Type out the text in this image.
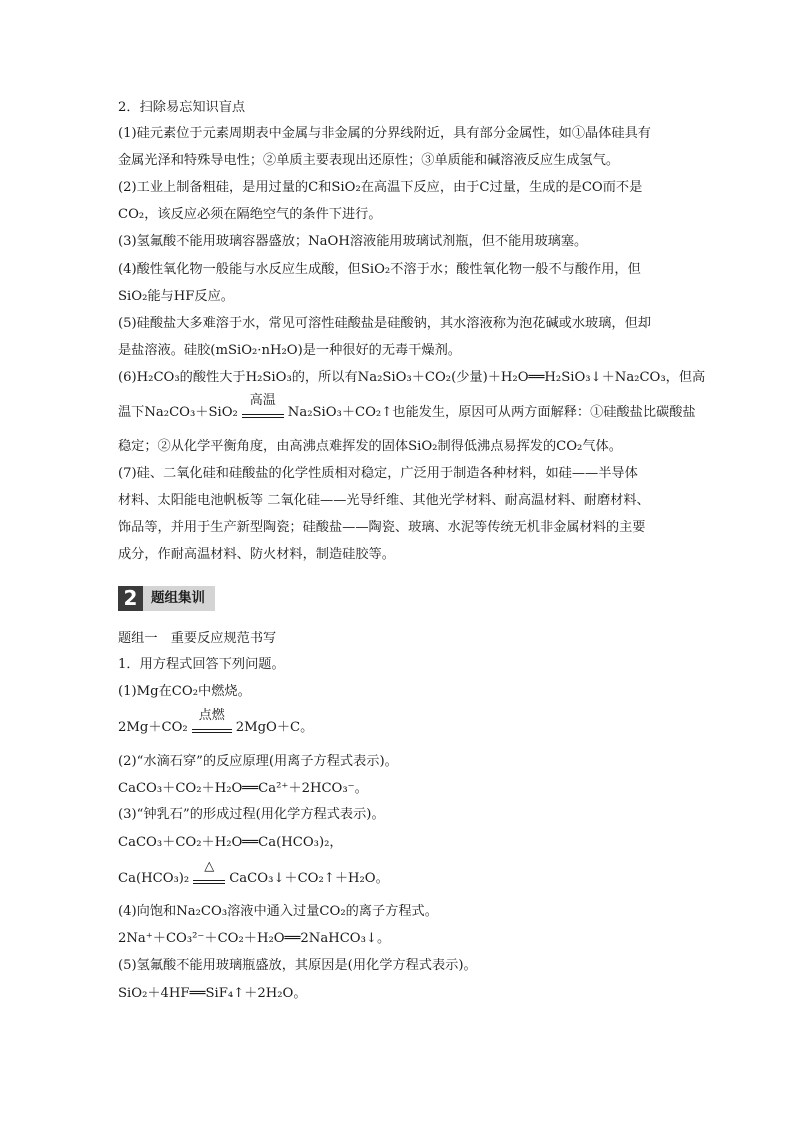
2．扫除易忘知识盲点
(1)硅元素位于元素周期表中金属与非金属的分界线附近，具有部分金属性，如①晶体硅具有
金属光泽和特殊导电性；②单质主要表现出还原性；③单质能和碱溶液反应生成氢气。
(2)工业上制备粗硅，是用过量的C和SiO₂在高温下反应，由于C过量，生成的是CO而不是
CO₂，该反应必须在隔绝空气的条件下进行。
(3)氢氟酸不能用玻璃容器盛放；NaOH溶液能用玻璃试剂瓶，但不能用玻璃塞。
(4)酸性氧化物一般能与水反应生成酸，但SiO₂不溶于水；酸性氧化物一般不与酸作用，但
SiO₂能与HF反应。
(5)硅酸盐大多难溶于水，常见可溶性硅酸盐是硅酸钠，其水溶液称为泡花碱或水玻璃，但却
是盐溶液。硅胶(mSiO₂·nH₂O)是一种很好的无毒干燥剂。
(6)H₂CO₃的酸性大于H₂SiO₃的，所以有Na₂SiO₃＋CO₂(少量)＋H₂O══H₂SiO₃↓＋Na₂CO₃，但高
温下Na₂CO₃＋SiO₂
高温
Na₂SiO₃＋CO₂↑也能发生，原因可从两方面解释：①硅酸盐比碳酸盐
稳定；②从化学平衡角度，由高沸点难挥发的固体SiO₂制得低沸点易挥发的CO₂气体。
(7)硅、二氧化硅和硅酸盐的化学性质相对稳定，广泛用于制造各种材料，如硅——半导体
材料、太阳能电池帆板等 二氧化硅——光导纤维、其他光学材料、耐高温材料、耐磨材料、
饰品等，并用于生产新型陶瓷；硅酸盐——陶瓷、玻璃、水泥等传统无机非金属材料的主要
成分，作耐高温材料、防火材料，制造硅胶等。
2	题组集训
题组一　重要反应规范书写
1．用方程式回答下列问题。
(1)Mg在CO₂中燃烧。
2Mg＋CO₂
点燃
2MgO＋C。
(2)“水滴石穿”的反应原理(用离子方程式表示)。
CaCO₃＋CO₂＋H₂O══Ca²⁺＋2HCO₃⁻。
(3)“钟乳石”的形成过程(用化学方程式表示)。
CaCO₃＋CO₂＋H₂O══Ca(HCO₃)₂，
Ca(HCO₃)₂
△
CaCO₃↓＋CO₂↑＋H₂O。
(4)向饱和Na₂CO₃溶液中通入过量CO₂的离子方程式。
2Na⁺＋CO₃²⁻＋CO₂＋H₂O══2NaHCO₃↓。
(5)氢氟酸不能用玻璃瓶盛放，其原因是(用化学方程式表示)。
SiO₂＋4HF══SiF₄↑＋2H₂O。
